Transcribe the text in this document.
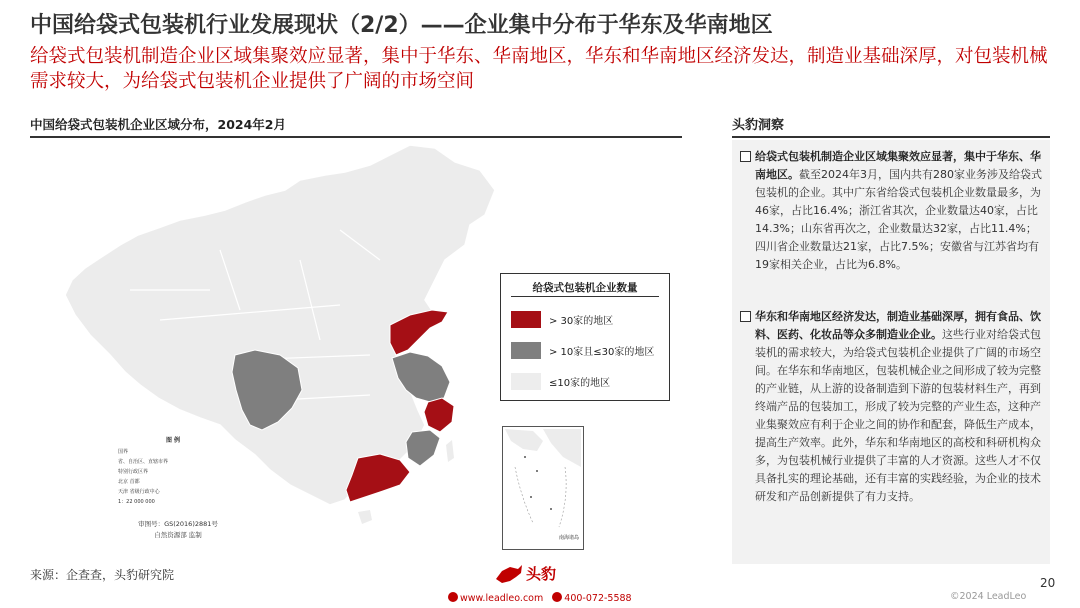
中国给袋式包装机行业发展现状（2/2）——企业集中分布于华东及华南地区
给袋式包装机制造企业区域集聚效应显著，集中于华东、华南地区，华东和华南地区经济发达，制造业基础深厚，对包装机械需求较大，为给袋式包装机企业提供了广阔的市场空间
中国给袋式包装机企业区域分布，2024年2月	头豹洞察
图 例
国界
省、自治区、直辖市界
特别行政区界
北京 首都
天津 省级行政中心
1：22 000 000
审图号：GS(2016)2881号
自然资源部 监制
给袋式包装机企业数量
> 30家的地区
> 10家且≤30家的地区
≤10家的地区
南海诸岛
给袋式包装机制造企业区域集聚效应显著，集中于华东、华南地区。截至2024年3月，国内共有280家业务涉及给袋式包装机的企业。其中广东省给袋式包装机企业数量最多，为46家，占比16.4%；浙江省其次，企业数量达40家，占比14.3%；山东省再次之，企业数量达32家，占比11.4%；四川省企业数量达21家，占比7.5%；安徽省与江苏省均有19家相关企业，占比为6.8%。
华东和华南地区经济发达，制造业基础深厚，拥有食品、饮料、医药、化妆品等众多制造业企业。这些行业对给袋式包装机的需求较大，为给袋式包装机企业提供了广阔的市场空间。在华东和华南地区，包装机械企业之间形成了较为完整的产业链，从上游的设备制造到下游的包装材料生产，再到终端产品的包装加工，形成了较为完整的产业生态，这种产业集聚效应有利于企业之间的协作和配套，降低生产成本，提高生产效率。此外，华东和华南地区的高校和科研机构众多，为包装机械行业提供了丰富的人才资源。这些人才不仅具备扎实的理论基础，还有丰富的实践经验，为企业的技术研发和产品创新提供了有力支持。
来源：企查查，头豹研究院	头豹
www.leadleo.com 400-072-5588
20
©2024 LeadLeo
